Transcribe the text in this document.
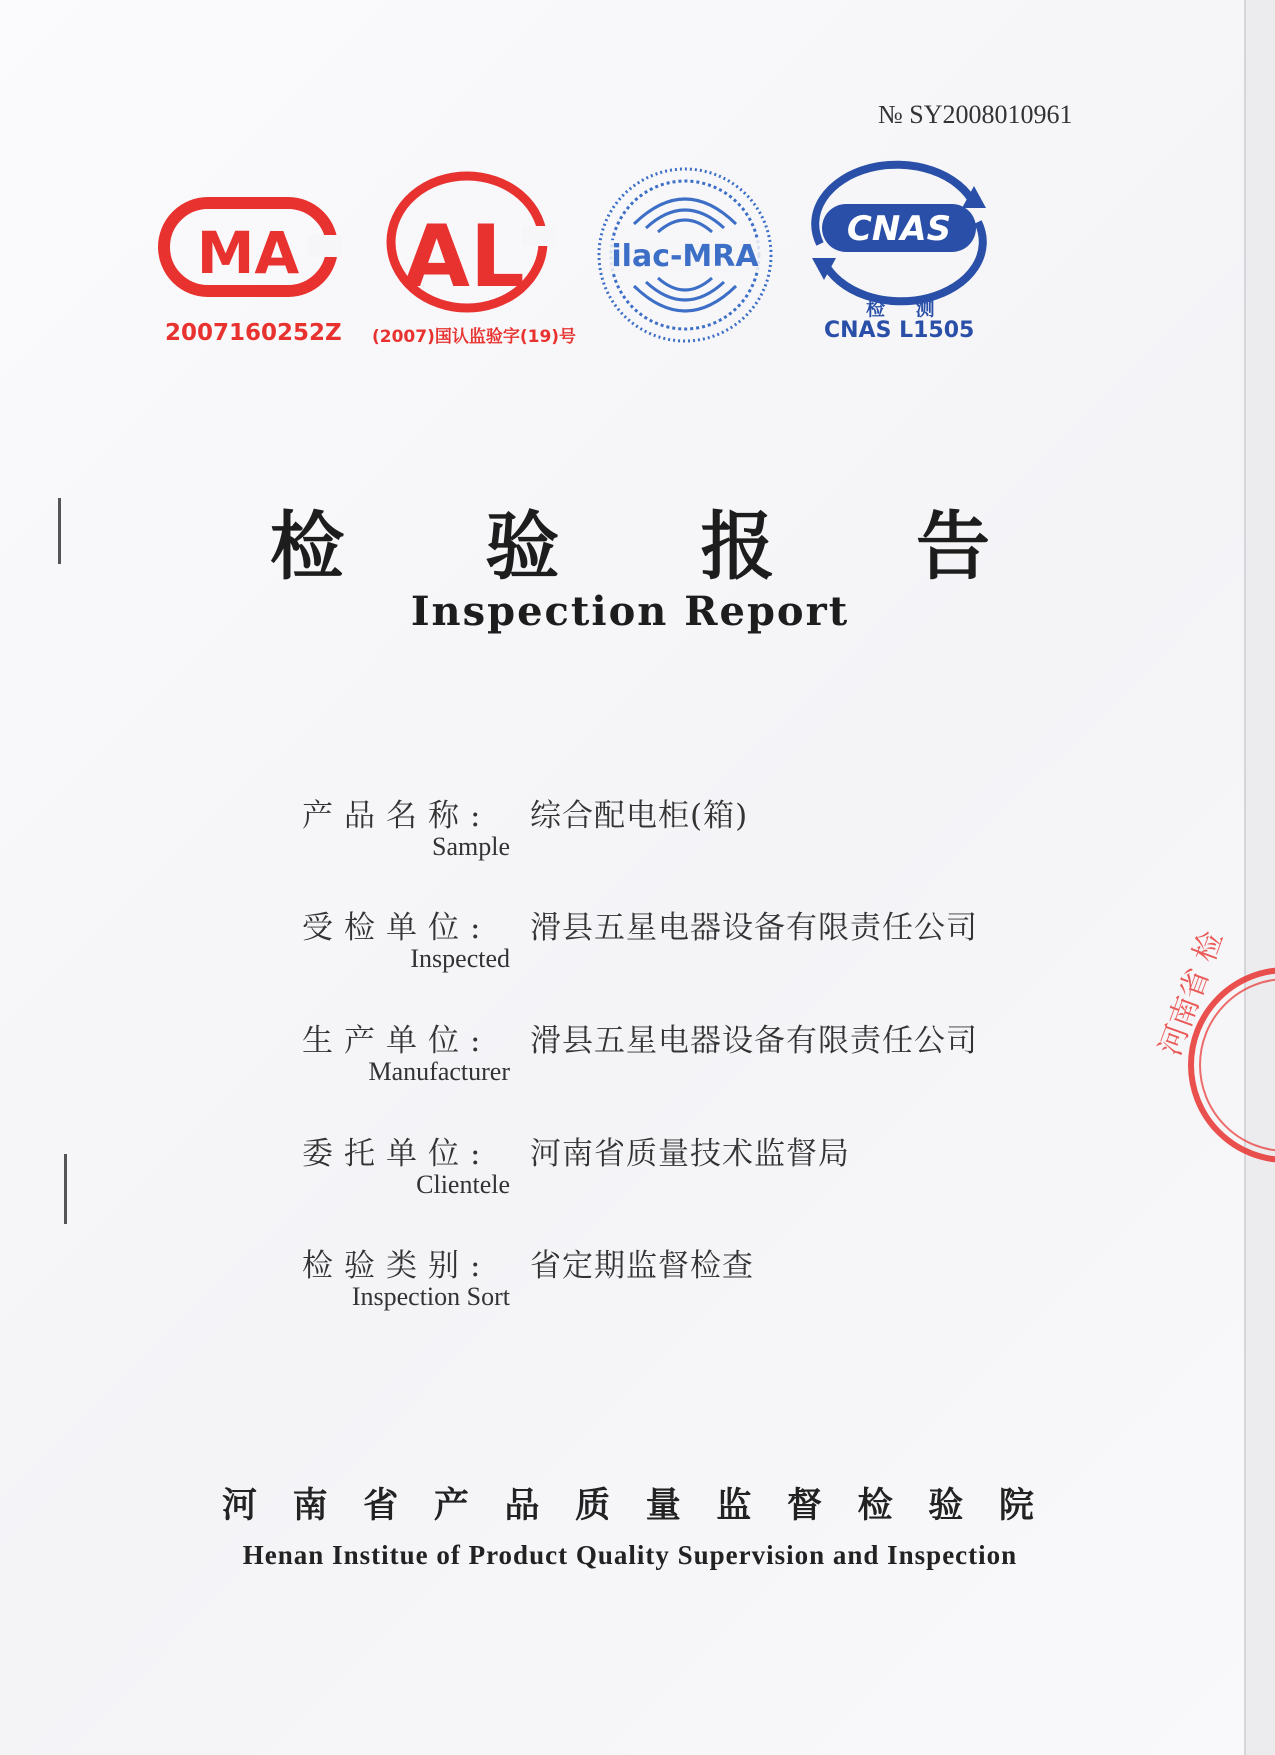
№ SY2008010961
MA
2007160252Z
AL
(2007)国认监验字(19)号
ilac-MRA
CNAS
检 测
CNAS L1505
检 验 报 告
Inspection Report
产品名称:
Sample
综合配电柜(箱)
受检单位:
Inspected
滑县五星电器设备有限责任公司
生产单位:
Manufacturer
滑县五星电器设备有限责任公司
委托单位:
Clientele
河南省质量技术监督局
检验类别:
Inspection Sort
省定期监督检查
河 南 省 产 品 质 量 监 督 检 验 院
Henan Institue of Product Quality Supervision and Inspection
河南省 检
